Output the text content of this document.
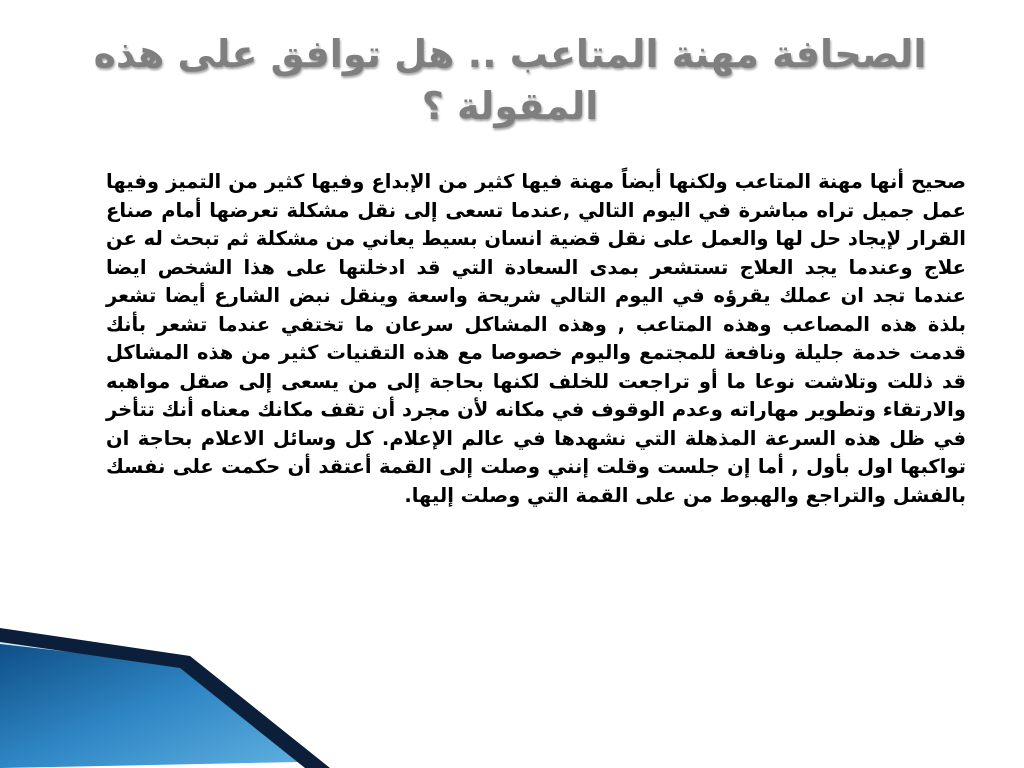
الصحافة مهنة المتاعب .. هل توافق على هذه المقولة ؟

صحيح أنها مهنة المتاعب ولكنها أيضاً مهنة فيها كثير من الإبداع وفيها كثير من التميز وفيها عمل جميل تراه مباشرة في اليوم التالي ,عندما تسعى إلى نقل مشكلة تعرضها أمام صناع القرار لإيجاد حل لها والعمل على نقل قضية انسان بسيط يعاني من مشكلة ثم تبحث له عن علاج وعندما يجد العلاج تستشعر بمدى السعادة التي قد ادخلتها على هذا الشخص ايضا عندما تجد ان عملك يقرؤه في اليوم التالي شريحة واسعة وينقل نبض الشارع أيضا تشعر بلذة هذه المصاعب وهذه المتاعب , وهذه المشاكل سرعان ما تختفي عندما تشعر بأنك قدمت خدمة جليلة ونافعة للمجتمع واليوم خصوصا مع هذه التقنيات كثير من هذه المشاكل قد ذللت وتلاشت نوعا ما أو تراجعت للخلف لكنها بحاجة إلى من يسعى إلى صقل مواهبه والارتقاء وتطوير مهاراته وعدم الوقوف في مكانه لأن مجرد أن تقف مكانك معناه أنك تتأخر في ظل هذه السرعة المذهلة التي نشهدها في عالم الإعلام. كل وسائل الاعلام بحاجة ان تواكبها اول بأول , أما إن جلست وقلت إنني وصلت إلى القمة أعتقد أن حكمت على نفسك بالفشل والتراجع والهبوط من على القمة التي وصلت إليها.
